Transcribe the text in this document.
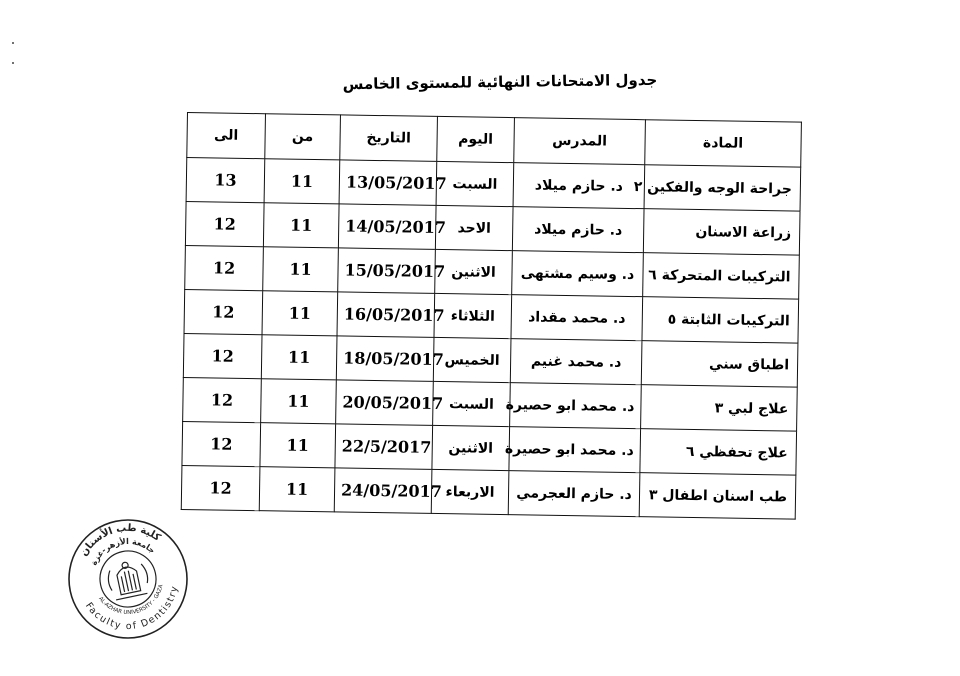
جدول الامتحانات النهائية للمستوى الخامس
المادة	المدرس	اليوم	التاريخ	من	الى
جراحة الوجه والفكين ٢	د. حازم ميلاد	السبت	13/05/2017	11	13
زراعة الاسنان	د. حازم ميلاد	الاحد	14/05/2017	11	12
التركيبات المتحركة ٦	د. وسيم مشتهى	الاثنين	15/05/2017	11	12
التركيبات الثابتة ٥	د. محمد مقداد	الثلاثاء	16/05/2017	11	12
اطباق سني	د. محمد غنيم	الخميس	18/05/2017	11	12
علاج لبي ٣	د. محمد ابو حصيرة	السبت	20/05/2017	11	12
علاج تحفظي ٦	د. محمد ابو حصيرة	الاثنين	22/5/2017	11	12
طب اسنان اطفال ٣	د. حازم العجرمي	الاربعاء	24/05/2017	11	12
كلية طب الأسنان
جامعة الأزهر-غزة
AL-AZHAR UNIVERSITY - GAZA
Faculty of Dentistry
